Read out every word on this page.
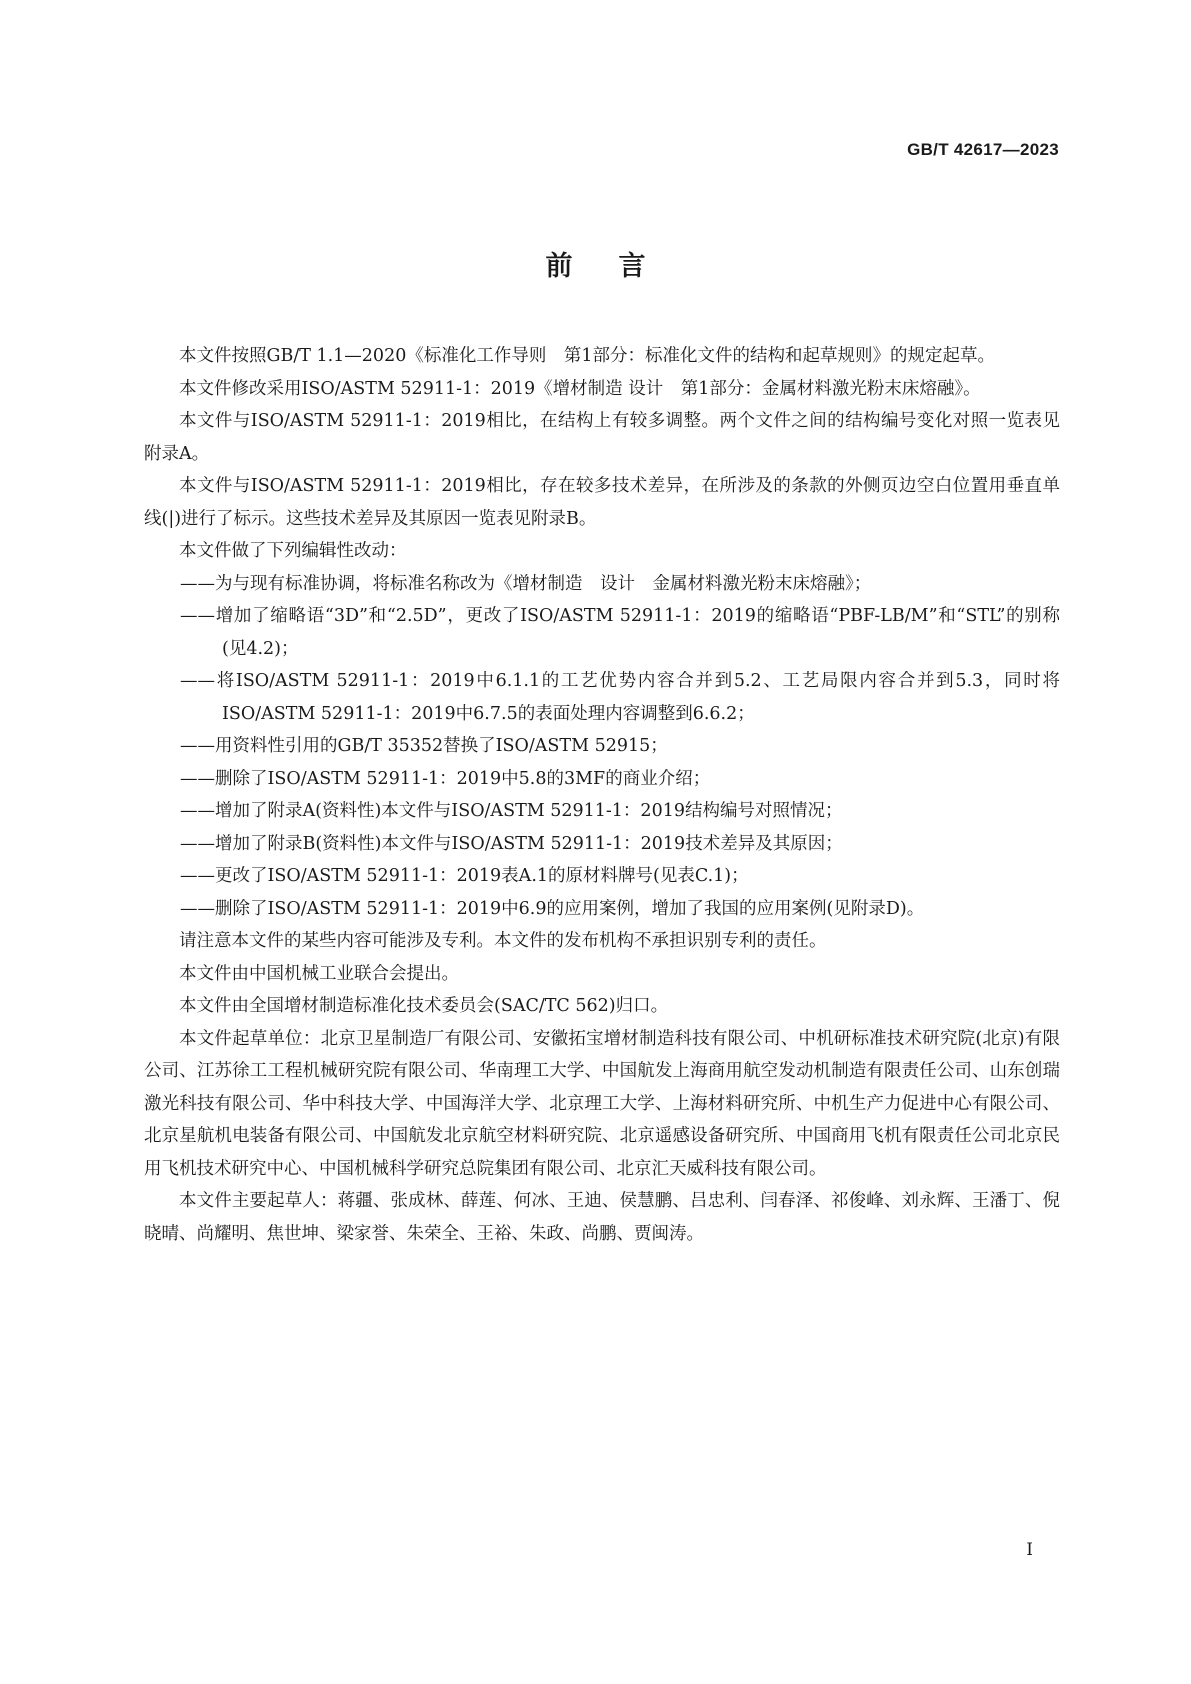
GB/T 42617—2023
前言

本文件按照GB/T 1.1—2020《标准化工作导则　第1部分：标准化文件的结构和起草规则》的规定起草。

本文件修改采用ISO/ASTM 52911-1：2019《增材制造 设计　第1部分：金属材料激光粉末床熔融》。

本文件与ISO/ASTM 52911-1：2019相比，在结构上有较多调整。两个文件之间的结构编号变化对照一览表见附录A。

本文件与ISO/ASTM 52911-1：2019相比，存在较多技术差异，在所涉及的条款的外侧页边空白位置用垂直单线(|)进行了标示。这些技术差异及其原因一览表见附录B。

本文件做了下列编辑性改动：

——为与现有标准协调，将标准名称改为《增材制造　设计　金属材料激光粉末床熔融》；

——增加了缩略语“3D”和“2.5D”，更改了ISO/ASTM 52911-1：2019的缩略语“PBF-LB/M”和“STL”的别称(见4.2)；

——将ISO/ASTM 52911-1：2019中6.1.1的工艺优势内容合并到5.2、工艺局限内容合并到5.3，同时将ISO/ASTM 52911-1：2019中6.7.5的表面处理内容调整到6.6.2；

——用资料性引用的GB/T 35352替换了ISO/ASTM 52915；

——删除了ISO/ASTM 52911-1：2019中5.8的3MF的商业介绍；

——增加了附录A(资料性)本文件与ISO/ASTM 52911-1：2019结构编号对照情况；

——增加了附录B(资料性)本文件与ISO/ASTM 52911-1：2019技术差异及其原因；

——更改了ISO/ASTM 52911-1：2019表A.1的原材料牌号(见表C.1)；

——删除了ISO/ASTM 52911-1：2019中6.9的应用案例，增加了我国的应用案例(见附录D)。

请注意本文件的某些内容可能涉及专利。本文件的发布机构不承担识别专利的责任。

本文件由中国机械工业联合会提出。

本文件由全国增材制造标准化技术委员会(SAC/TC 562)归口。

本文件起草单位：北京卫星制造厂有限公司、安徽拓宝增材制造科技有限公司、中机研标准技术研究院(北京)有限公司、江苏徐工工程机械研究院有限公司、华南理工大学、中国航发上海商用航空发动机制造有限责任公司、山东创瑞激光科技有限公司、华中科技大学、中国海洋大学、北京理工大学、上海材料研究所、中机生产力促进中心有限公司、北京星航机电装备有限公司、中国航发北京航空材料研究院、北京遥感设备研究所、中国商用飞机有限责任公司北京民用飞机技术研究中心、中国机械科学研究总院集团有限公司、北京汇天威科技有限公司。

本文件主要起草人：蒋疆、张成林、薛莲、何冰、王迪、侯慧鹏、吕忠利、闫春泽、祁俊峰、刘永辉、王潘丁、倪晓晴、尚耀明、焦世坤、梁家誉、朱荣全、王裕、朱政、尚鹏、贾闽涛。

I
